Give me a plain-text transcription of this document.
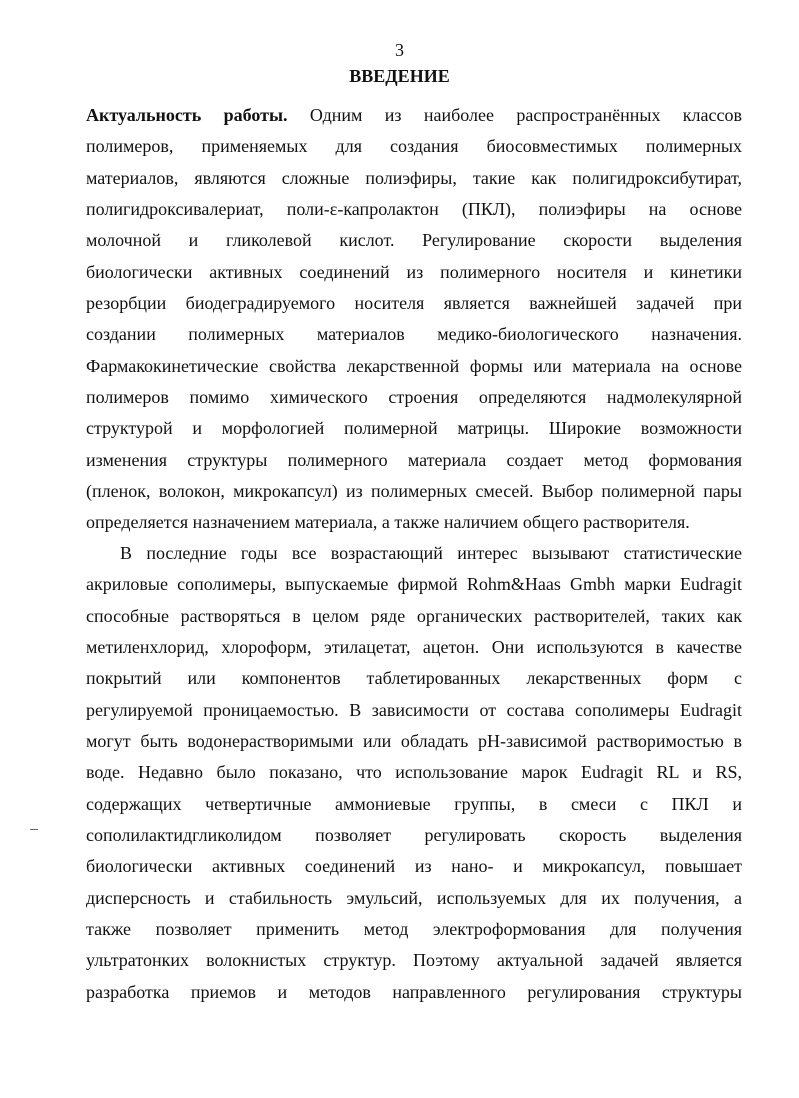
3
ВВЕДЕНИЕ
Актуальность работы. Одним из наиболее распространённых классов
полимеров, применяемых для создания биосовместимых полимерных
материалов, являются сложные полиэфиры, такие как полигидроксибутират,
полигидроксивалериат, поли-ε-капролактон (ПКЛ), полиэфиры на основе
молочной и гликолевой кислот. Регулирование скорости выделения
биологически активных соединений из полимерного носителя и кинетики
резорбции биодеградируемого носителя является важнейшей задачей при
создании полимерных материалов медико-биологического назначения.
Фармакокинетические свойства лекарственной формы или материала на основе
полимеров помимо химического строения определяются надмолекулярной
структурой и морфологией полимерной матрицы. Широкие возможности
изменения структуры полимерного материала создает метод формования
(пленок, волокон, микрокапсул) из полимерных смесей. Выбор полимерной пары
определяется назначением материала, а также наличием общего растворителя.
В последние годы все возрастающий интерес вызывают статистические
акриловые сополимеры, выпускаемые фирмой Rohm&Haas Gmbh марки Eudragit
способные растворяться в целом ряде органических растворителей, таких как
метиленхлорид, хлороформ, этилацетат, ацетон. Они используются в качестве
покрытий или компонентов таблетированных лекарственных форм с
регулируемой проницаемостью. В зависимости от состава сополимеры Eudragit
могут быть водонерастворимыми или обладать pH-зависимой растворимостью в
воде. Недавно было показано, что использование марок Eudragit RL и RS,
содержащих четвертичные аммониевые группы, в смеси с ПКЛ и
сополилактидгликолидом позволяет регулировать скорость выделения
биологически активных соединений из нано- и микрокапсул, повышает
дисперсность и стабильность эмульсий, используемых для их получения, а
также позволяет применить метод электроформования для получения
ультратонких волокнистых структур. Поэтому актуальной задачей является
разработка приемов и методов направленного регулирования структуры
